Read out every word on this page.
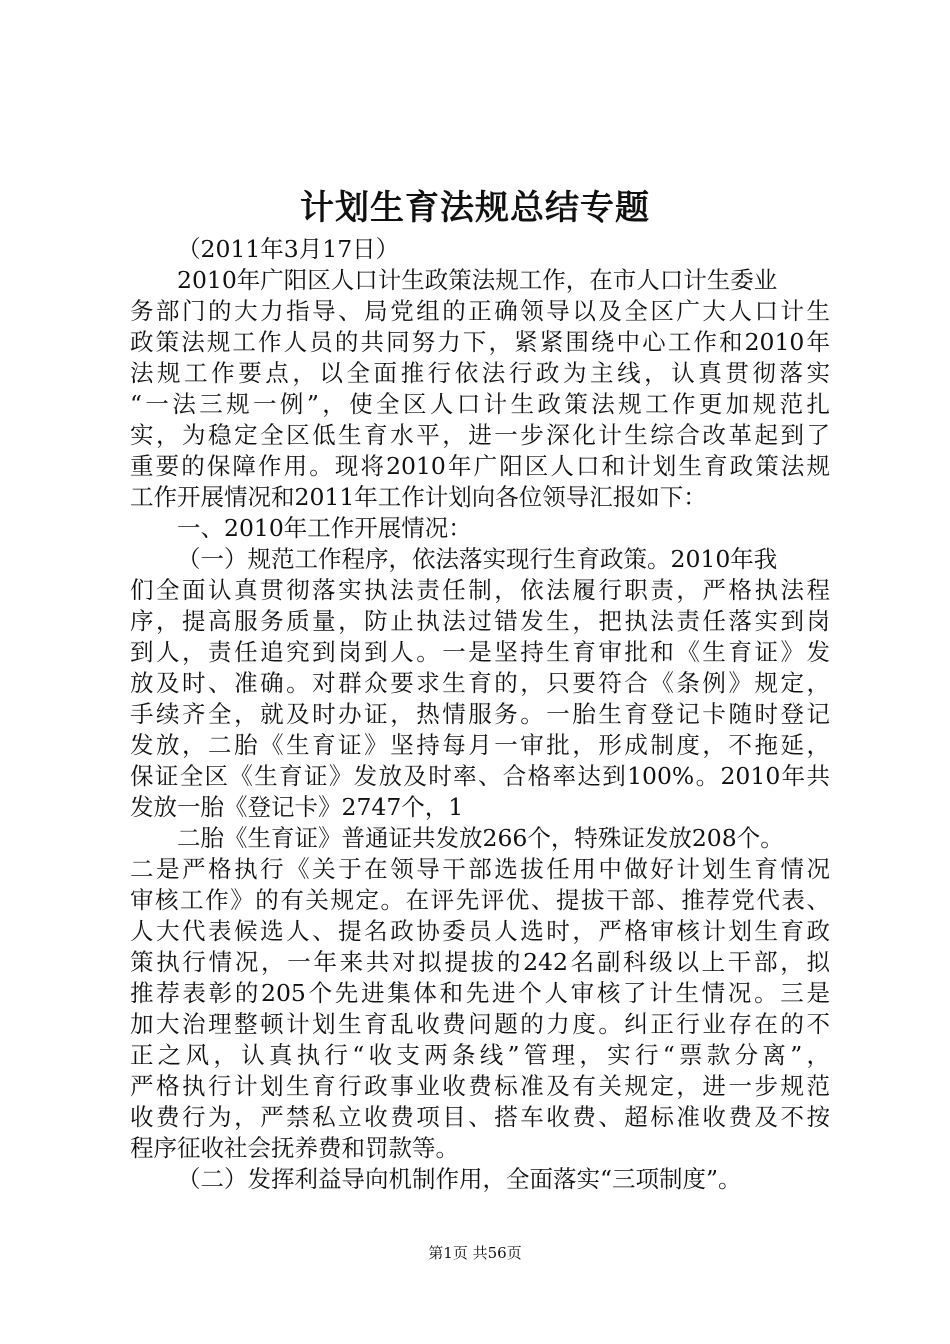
计划生育法规总结专题
（2011年3月17日）
2010年广阳区人口计生政策法规工作，在市人口计生委业
务部门的大力指导、局党组的正确领导以及全区广大人口计生
政策法规工作人员的共同努力下，紧紧围绕中心工作和2010年
法规工作要点，以全面推行依法行政为主线，认真贯彻落实
“一法三规一例”，使全区人口计生政策法规工作更加规范扎
实，为稳定全区低生育水平，进一步深化计生综合改革起到了
重要的保障作用。现将2010年广阳区人口和计划生育政策法规
工作开展情况和2011年工作计划向各位领导汇报如下：
一、2010年工作开展情况：
（一）规范工作程序，依法落实现行生育政策。2010年我
们全面认真贯彻落实执法责任制，依法履行职责，严格执法程
序，提高服务质量，防止执法过错发生，把执法责任落实到岗
到人，责任追究到岗到人。一是坚持生育审批和《生育证》发
放及时、准确。对群众要求生育的，只要符合《条例》规定，
手续齐全，就及时办证，热情服务。一胎生育登记卡随时登记
发放，二胎《生育证》坚持每月一审批，形成制度，不拖延，
保证全区《生育证》发放及时率、合格率达到100%。2010年共
发放一胎《登记卡》2747个，1
二胎《生育证》普通证共发放266个，特殊证发放208个。
二是严格执行《关于在领导干部选拔任用中做好计划生育情况
审核工作》的有关规定。在评先评优、提拔干部、推荐党代表、
人大代表候选人、提名政协委员人选时，严格审核计划生育政
策执行情况，一年来共对拟提拔的242名副科级以上干部，拟
推荐表彰的205个先进集体和先进个人审核了计生情况。三是
加大治理整顿计划生育乱收费问题的力度。纠正行业存在的不
正之风，认真执行“收支两条线”管理，实行“票款分离”，
严格执行计划生育行政事业收费标准及有关规定，进一步规范
收费行为，严禁私立收费项目、搭车收费、超标准收费及不按
程序征收社会抚养费和罚款等。
（二）发挥利益导向机制作用，全面落实“三项制度”。
第1页 共56页
